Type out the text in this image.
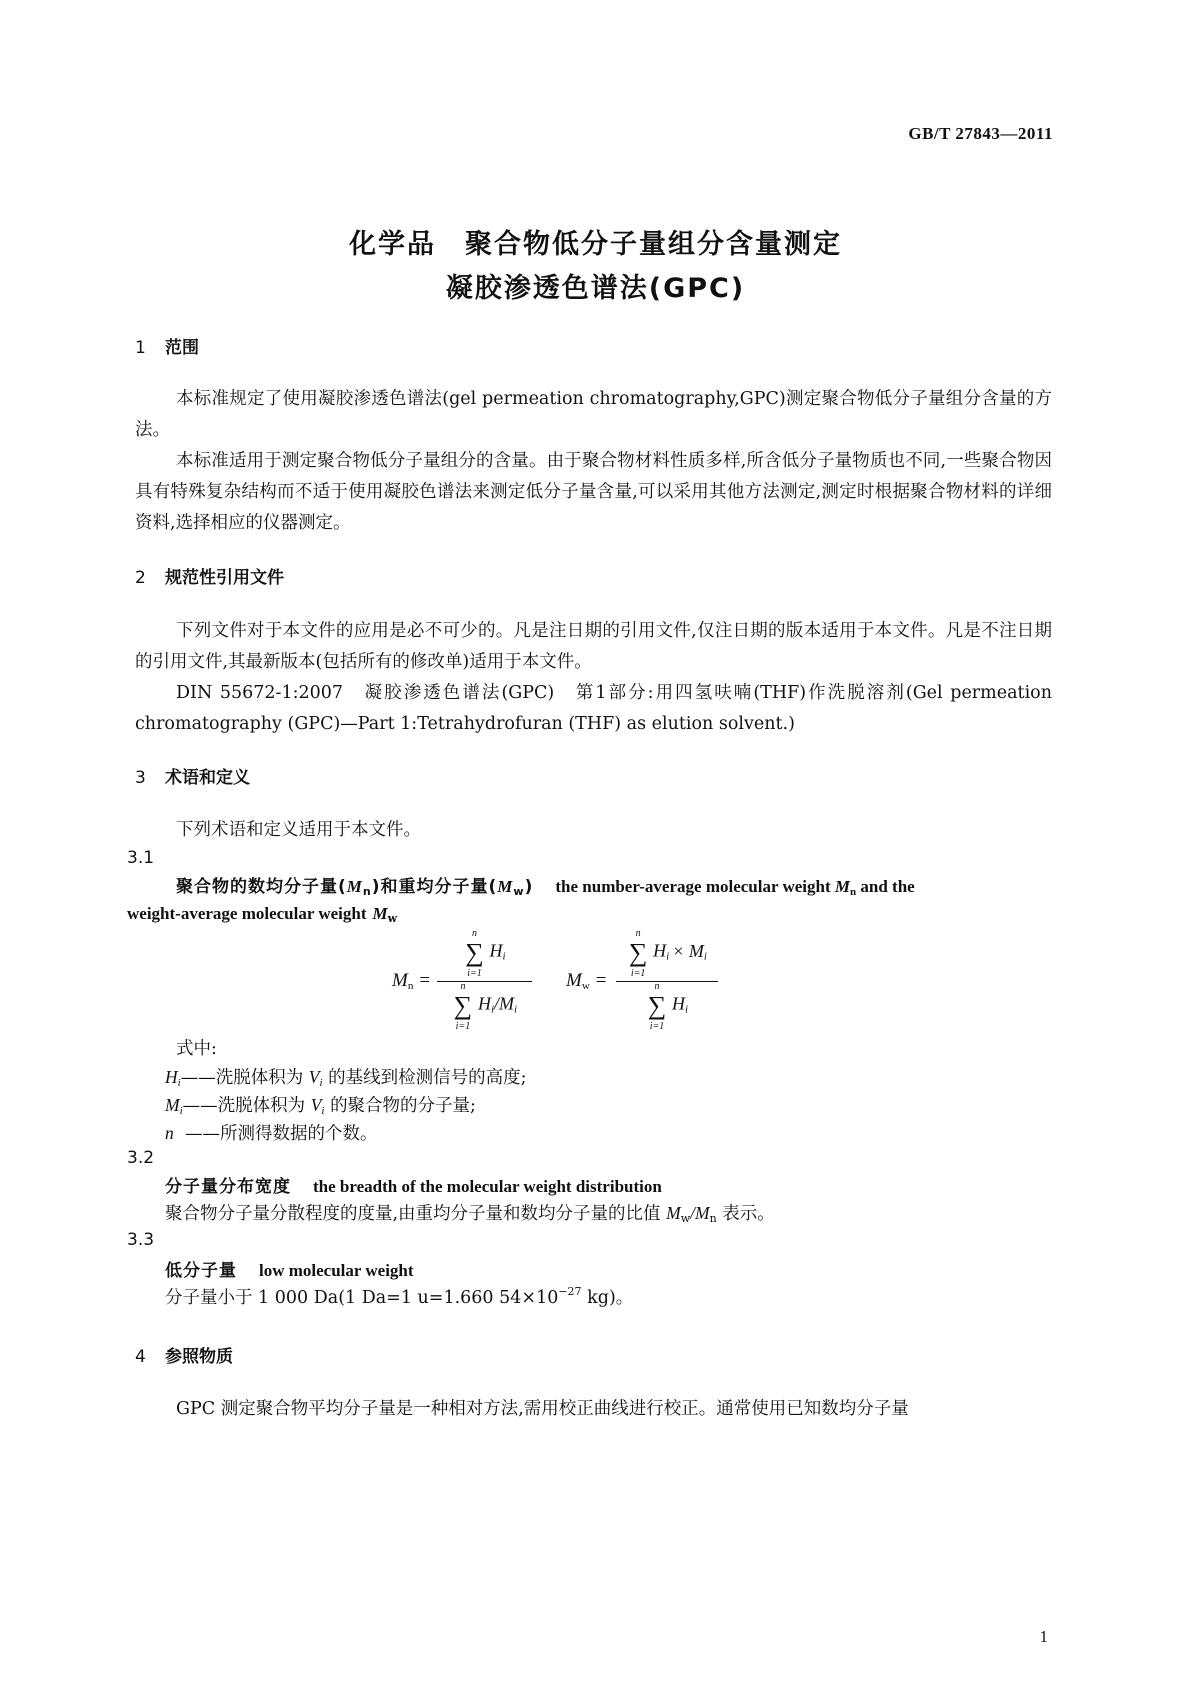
GB/T 27843—2011
化学品　聚合物低分子量组分含量测定
凝胶渗透色谱法(GPC)
1 范围

本标准规定了使用凝胶渗透色谱法(gel permeation chromatography,GPC)测定聚合物低分子量组分含量的方法。

本标准适用于测定聚合物低分子量组分的含量。由于聚合物材料性质多样,所含低分子量物质也不同,一些聚合物因具有特殊复杂结构而不适于使用凝胶色谱法来测定低分子量含量,可以采用其他方法测定,测定时根据聚合物材料的详细资料,选择相应的仪器测定。

2 规范性引用文件

下列文件对于本文件的应用是必不可少的。凡是注日期的引用文件,仅注日期的版本适用于本文件。凡是不注日期的引用文件,其最新版本(包括所有的修改单)适用于本文件。

DIN 55672-1:2007　凝胶渗透色谱法(GPC)　第1部分:用四氢呋喃(THF)作洗脱溶剂(Gel permeation chromatography (GPC)—Part 1:Tetrahydrofuran (THF) as elution solvent.)

3 术语和定义
下列术语和定义适用于本文件。
3.1
聚合物的数均分子量$(M_n)$和重均分子量$(M_w)$ the number-average molecular weight $M_n$ and the
weight-average molecular weight $M_w$
$M_n$ =
n
∑
i=1
$H_i$
n
∑
i=1
$H_i/M_i$
$M_w$ =
n
∑
i=1
$H_i \times M_i$
n
∑
i=1
$H_i$
式中:
$H_i——$洗脱体积为 $V_i$ 的基线到检测信号的高度;
$M_i——$洗脱体积为 $V_i$ 的聚合物的分子量;
n ——所测得数据的个数。
3.2
分子量分布宽度 the breadth of the molecular weight distribution
聚合物分子量分散程度的度量,由重均分子量和数均分子量的比值 $M_w/M_n$ 表示。
3.3
低分子量 low molecular weight
分子量小于 1 000 Da(1 Da=1 u=1.660 $54\times 10^{-27}$ kg)。
4 参照物质

GPC 测定聚合物平均分子量是一种相对方法,需用校正曲线进行校正。通常使用已知数均分子量

1
